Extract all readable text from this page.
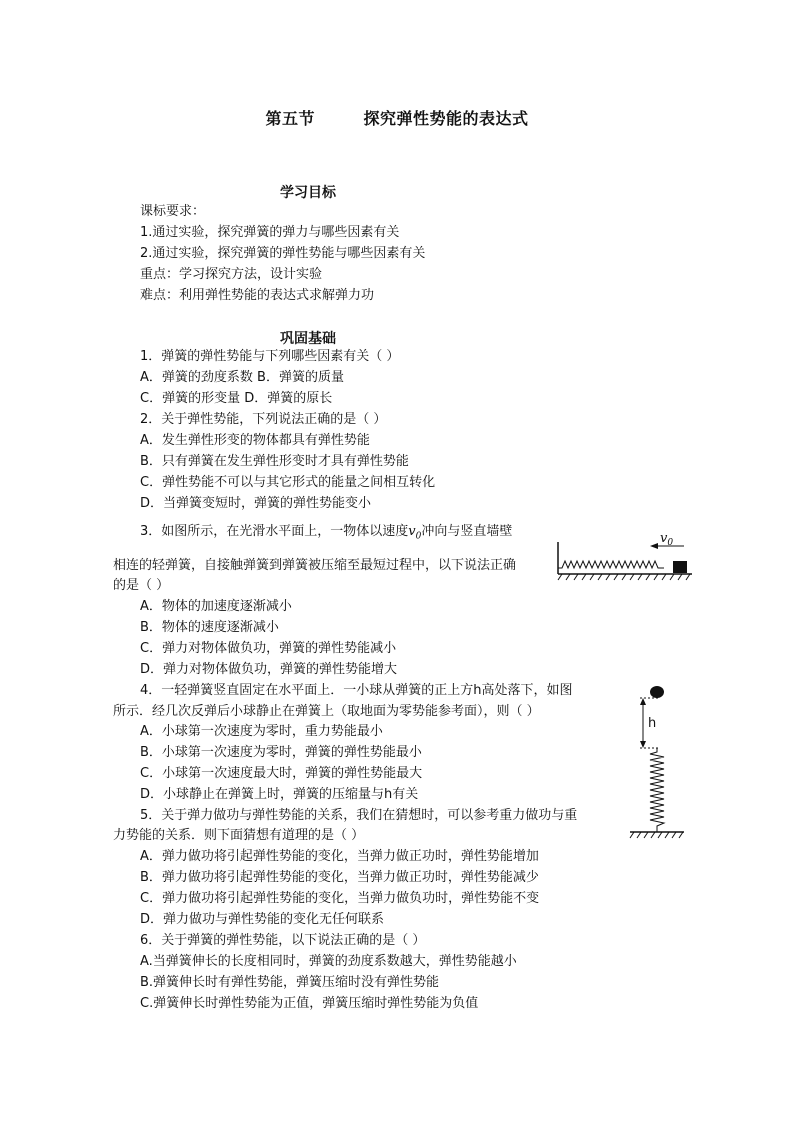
第五节        探究弹性势能的表达式
学习目标
课标要求：
1.通过实验，探究弹簧的弹力与哪些因素有关
2.通过实验，探究弹簧的弹性势能与哪些因素有关
重点：学习探究方法，设计实验
难点：利用弹性势能的表达式求解弹力功
巩固基础
1．弹簧的弹性势能与下列哪些因素有关（ ）
A．弹簧的劲度系数 B．弹簧的质量
C．弹簧的形变量 D．弹簧的原长
2．关于弹性势能，下列说法正确的是（ ）
A．发生弹性形变的物体都具有弹性势能
B．只有弹簧在发生弹性形变时才具有弹性势能
C．弹性势能不可以与其它形式的能量之间相互转化
D．当弹簧变短时，弹簧的弹性势能变小
3．如图所示，在光滑水平面上，一物体以速度$v_0$冲向与竖直墙壁
相连的轻弹簧，自接触弹簧到弹簧被压缩至最短过程中，以下说法正确
的是（ ）
A．物体的加速度逐渐减小
B．物体的速度逐渐减小
C．弹力对物体做负功，弹簧的弹性势能减小
D．弹力对物体做负功，弹簧的弹性势能增大
$v_0$
4．一轻弹簧竖直固定在水平面上．一小球从弹簧的正上方h高处落下，如图
所示．经几次反弹后小球静止在弹簧上（取地面为零势能参考面），则（ ）
A．小球第一次速度为零时，重力势能最小
B．小球第一次速度为零时，弹簧的弹性势能最小
C．小球第一次速度最大时，弹簧的弹性势能最大
D．小球静止在弹簧上时，弹簧的压缩量与h有关
5．关于弹力做功与弹性势能的关系，我们在猜想时，可以参考重力做功与重
力势能的关系．则下面猜想有道理的是（ ）
h
A．弹力做功将引起弹性势能的变化，当弹力做正功时，弹性势能增加
B．弹力做功将引起弹性势能的变化，当弹力做正功时，弹性势能减少
C．弹力做功将引起弹性势能的变化，当弹力做负功时，弹性势能不变
D．弹力做功与弹性势能的变化无任何联系
6．关于弹簧的弹性势能，以下说法正确的是（ ）
A.当弹簧伸长的长度相同时，弹簧的劲度系数越大，弹性势能越小
B.弹簧伸长时有弹性势能，弹簧压缩时没有弹性势能
C.弹簧伸长时弹性势能为正值，弹簧压缩时弹性势能为负值
